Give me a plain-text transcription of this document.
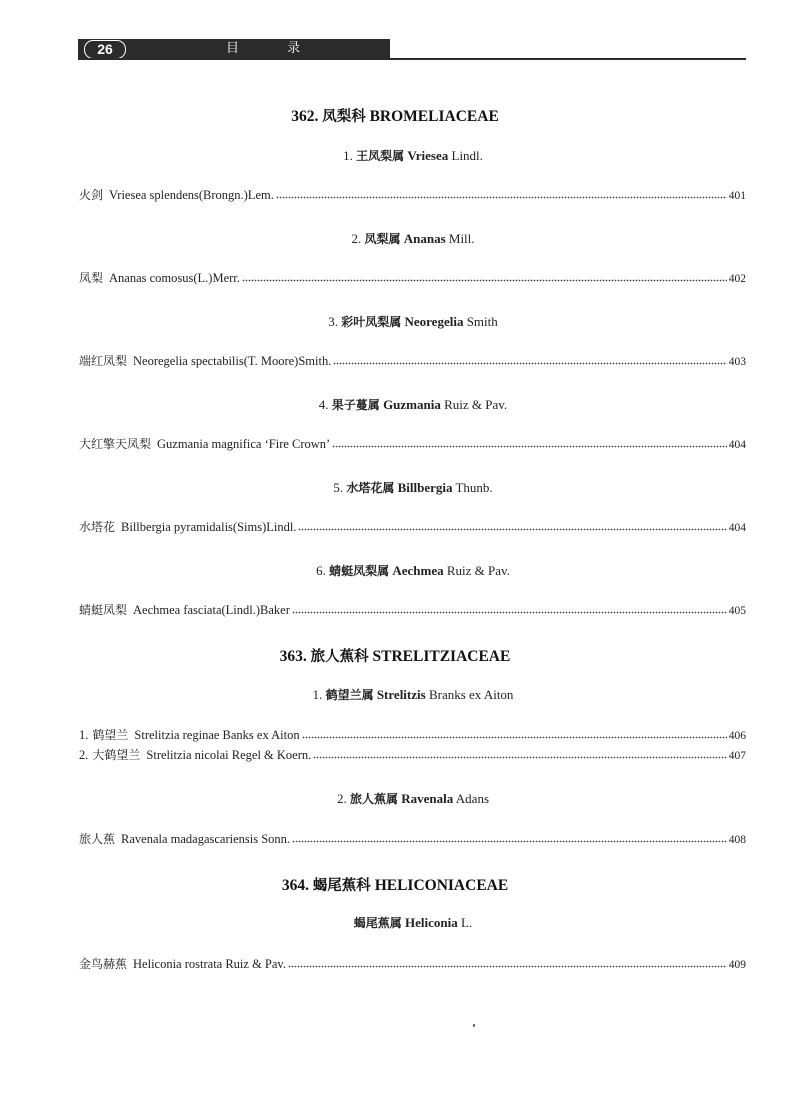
26	目 录
362. 凤梨科 BROMELIACEAE
1. 王凤梨属 Vriesea Lindl.
火剑 Vriesea splendens(Brongn.)Lem.	401
2. 凤梨属 Ananas Mill.
凤梨 Ananas comosus(L.)Merr.	402
3. 彩叶凤梨属 Neoregelia Smith
端红凤梨 Neoregelia spectabilis(T. Moore)Smith.	403
4. 果子蔓属 Guzmania Ruiz & Pav.
大红擎天凤梨 Guzmania magnifica ‘Fire Crown’	404
5. 水塔花属 Billbergia Thunb.
水塔花 Billbergia pyramidalis(Sims)Lindl.	404
6. 蜻蜓凤梨属 Aechmea Ruiz & Pav.
蜻蜓凤梨 Aechmea fasciata(Lindl.)Baker	405
363. 旅人蕉科 STRELITZIACEAE
1. 鹤望兰属 Strelitzis Branks ex Aiton
1. 鹤望兰 Strelitzia reginae Banks ex Aiton	406
2. 大鹤望兰 Strelitzia nicolai Regel & Koern.	407
2. 旅人蕉属 Ravenala Adans
旅人蕉 Ravenala madagascariensis Sonn.	408
364. 蝎尾蕉科 HELICONIACEAE
蝎尾蕉属 Heliconia L.
金鸟赫蕉 Heliconia rostrata Ruiz & Pav.	409
